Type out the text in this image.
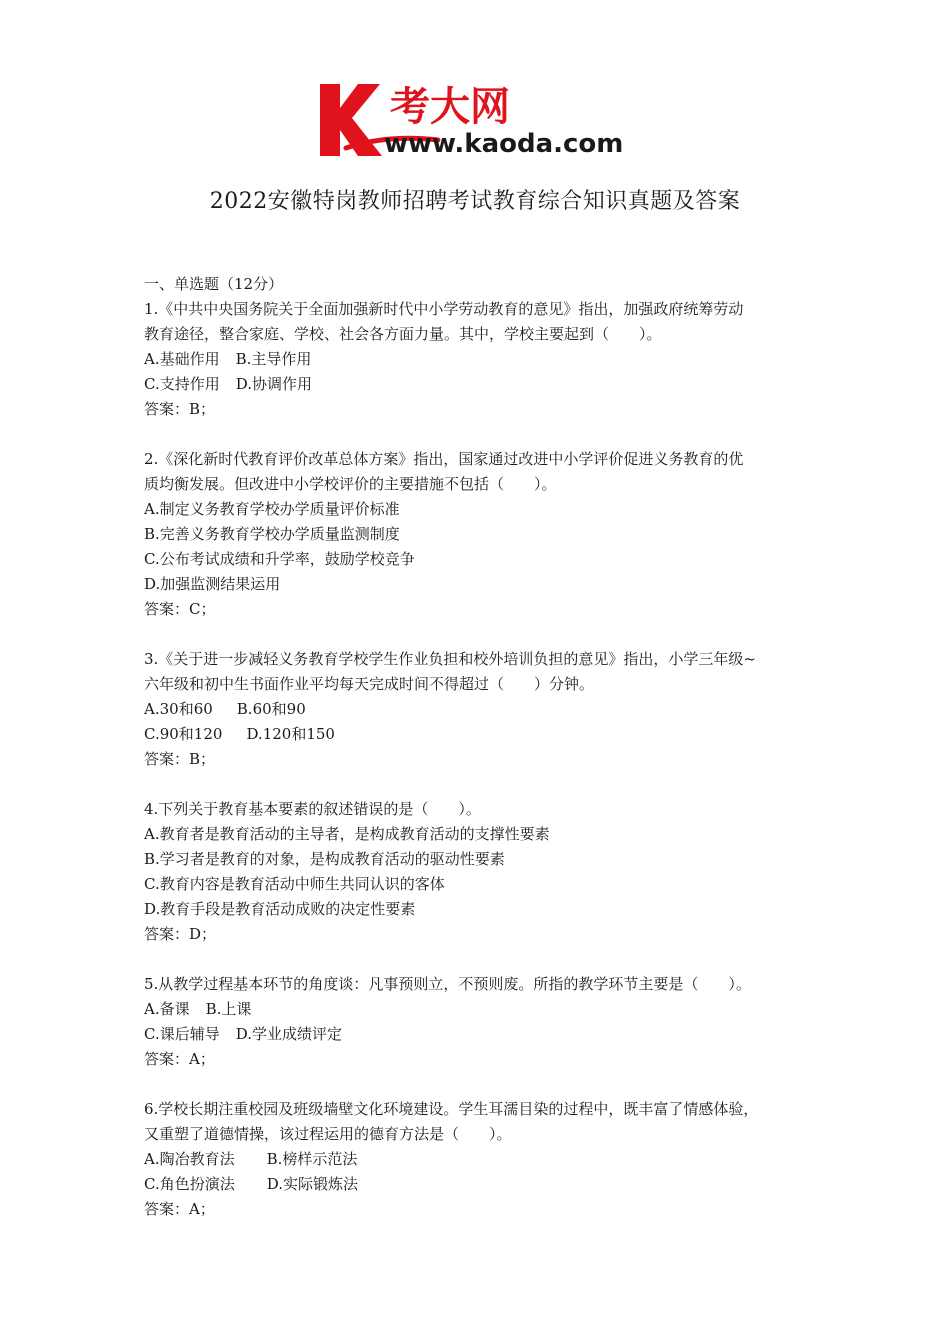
考大网
www.kaoda.com
2022安徽特岗教师招聘考试教育综合知识真题及答案
一、单选题（12分）
1.《中共中央国务院关于全面加强新时代中小学劳动教育的意见》指出，加强政府统筹劳动
教育途径，整合家庭、学校、社会各方面力量。其中，学校主要起到（　　）。
A.基础作用 B.主导作用
C.支持作用 D.协调作用
答案：B；
2.《深化新时代教育评价改革总体方案》指出，国家通过改进中小学评价促进义务教育的优
质均衡发展。但改进中小学校评价的主要措施不包括（　　）。
A.制定义务教育学校办学质量评价标准
B.完善义务教育学校办学质量监测制度
C.公布考试成绩和升学率，鼓励学校竞争
D.加强监测结果运用
答案：C；
3.《关于进一步减轻义务教育学校学生作业负担和校外培训负担的意见》指出，小学三年级~
六年级和初中生书面作业平均每天完成时间不得超过（　　）分钟。
A.30和60 B.60和90
C.90和120 D.120和150
答案：B；
4.下列关于教育基本要素的叙述错误的是（　　）。
A.教育者是教育活动的主导者，是构成教育活动的支撑性要素
B.学习者是教育的对象，是构成教育活动的驱动性要素
C.教育内容是教育活动中师生共同认识的客体
D.教育手段是教育活动成败的决定性要素
答案：D；
5.从教学过程基本环节的角度谈：凡事预则立，不预则废。所指的教学环节主要是（　　）。
A.备课 B.上课
C.课后辅导 D.学业成绩评定
答案：A；
6.学校长期注重校园及班级墙壁文化环境建设。学生耳濡目染的过程中，既丰富了情感体验，
又重塑了道德情操，该过程运用的德育方法是（　　）。
A.陶冶教育法 B.榜样示范法
C.角色扮演法 D.实际锻炼法
答案：A；
